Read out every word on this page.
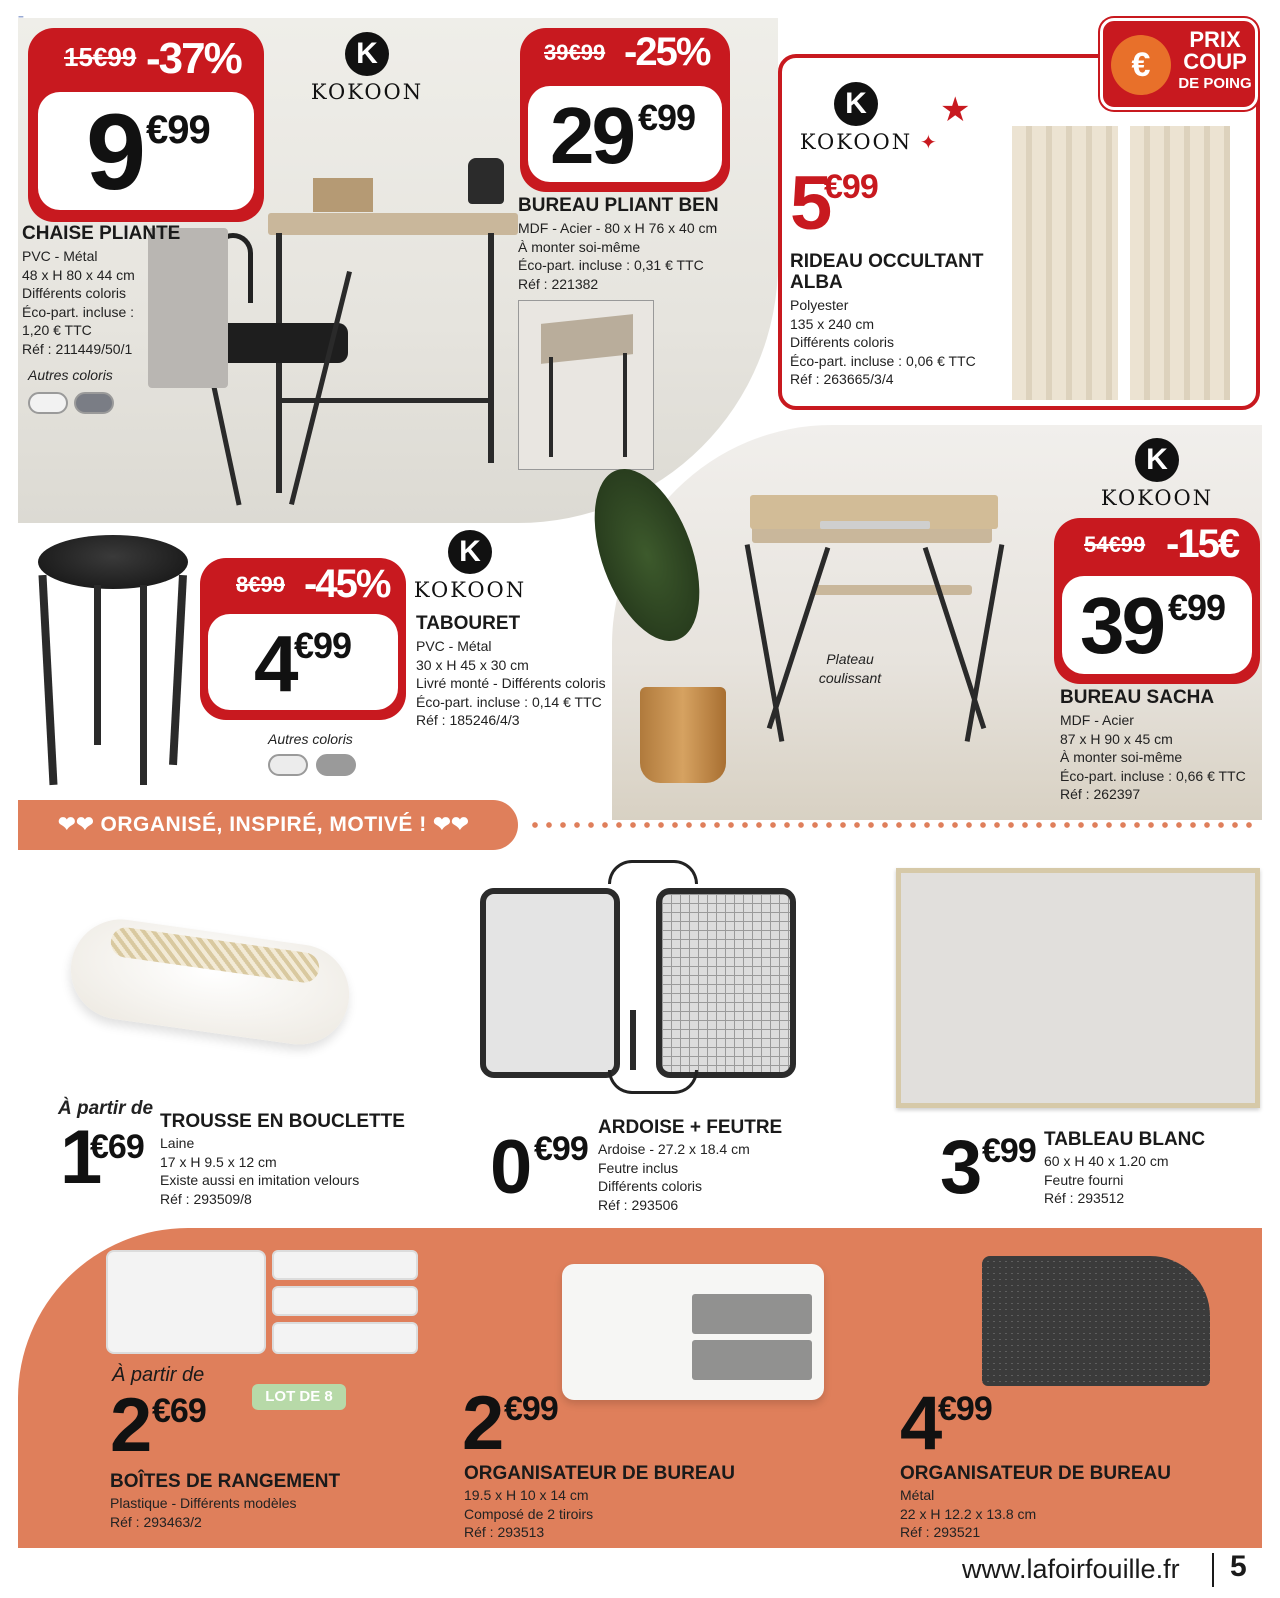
15€99 -37%
9 €99
K
KOKOON
CHAISE PLIANTE
PVC - Métal
48 x H 80 x 44 cm
Différents coloris
Éco-part. incluse :
1,20 € TTC
Réf : 211449/50/1
Autres coloris
39€99 -25%
29 €99
BUREAU PLIANT BEN
MDF - Acier - 80 x H 76 x 40 cm
À monter soi-même
Éco-part. incluse : 0,31 € TTC
Réf : 221382
K
KOKOON
★
✦
5
€99
RIDEAU OCCULTANT
ALBA
Polyester
135 x 240 cm
Différents coloris
Éco-part. incluse : 0,06 € TTC
Réf : 263665/3/4
€
PRIX
COUP
DE POING
8€99 -45%
4
€99
Autres coloris
K
KOKOON
TABOURET
PVC - Métal
30 x H 45 x 30 cm
Livré monté - Différents coloris
Éco-part. incluse : 0,14 € TTC
Réf : 185246/4/3
Plateau
coulissant
K
KOKOON
54€99 -15€
39 €99
BUREAU SACHA
MDF - Acier
87 x H 90 x 45 cm
À monter soi-même
Éco-part. incluse : 0,66 € TTC
Réf : 262397
❤❤ ORGANISÉ, INSPIRÉ, MOTIVÉ ! ❤❤
À partir de
1
€69
TROUSSE EN BOUCLETTE
Laine
17 x H 9.5 x 12 cm
Existe aussi en imitation velours
Réf : 293509/8	0 €99
ARDOISE + FEUTRE
Ardoise - 27.2 x 18.4 cm
Feutre inclus
Différents coloris
Réf : 293506	3 €99 TABLEAU BLANC
60 x H 40 x 1.20 cm
Feutre fourni
Réf : 293512
À partir de
LOT DE 8
2 €69
BOÎTES DE RANGEMENT
Plastique - Différents modèles
Réf : 293463/2
2 €99
ORGANISATEUR DE BUREAU
19.5 x H 10 x 14 cm
Composé de 2 tiroirs
Réf : 293513
4
€99
ORGANISATEUR DE BUREAU
Métal
22 x H 12.2 x 13.8 cm
Réf : 293521
www.lafoirfouille.fr 5
